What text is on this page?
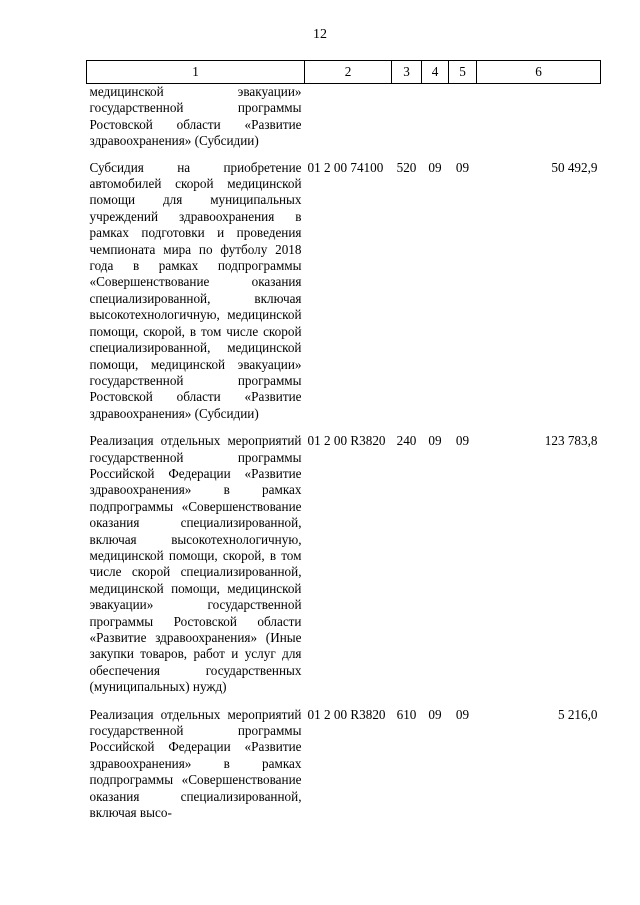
12
1	2	3	4	5	6
медицинской эвакуации» государственной программы Ростовской области «Развитие здравоохранения» (Субсидии)					
Субсидия на приобретение автомобилей скорой медицинской помощи для муниципальных учреждений здравоохранения в рамках подготовки и проведения чемпионата мира по футболу 2018 года в рамках подпрограммы «Совершенствование оказания специализированной, включая высокотехнологичную, медицинской помощи, скорой, в том числе скорой специализированной, медицинской помощи, медицинской эвакуации» государственной программы Ростовской области «Развитие здравоохранения» (Субсидии)	01 2 00 74100	520	09	09	50 492,9
Реализация отдельных мероприятий государственной программы Российской Федерации «Развитие здравоохранения» в рамках подпрограммы «Совершенствование оказания специализированной, включая высокотехнологичную, медицинской помощи, скорой, в том числе скорой специализированной, медицинской помощи, медицинской эвакуации» государственной программы Ростовской области «Развитие здравоохранения» (Иные закупки товаров, работ и услуг для обеспечения государственных (муниципальных) нужд)	01 2 00 R3820	240	09	09	123 783,8
Реализация отдельных мероприятий государственной программы Российской Федерации «Развитие здравоохранения» в рамках подпрограммы «Совершенствование оказания специализированной, включая высо-	01 2 00 R3820	610	09	09	5 216,0
